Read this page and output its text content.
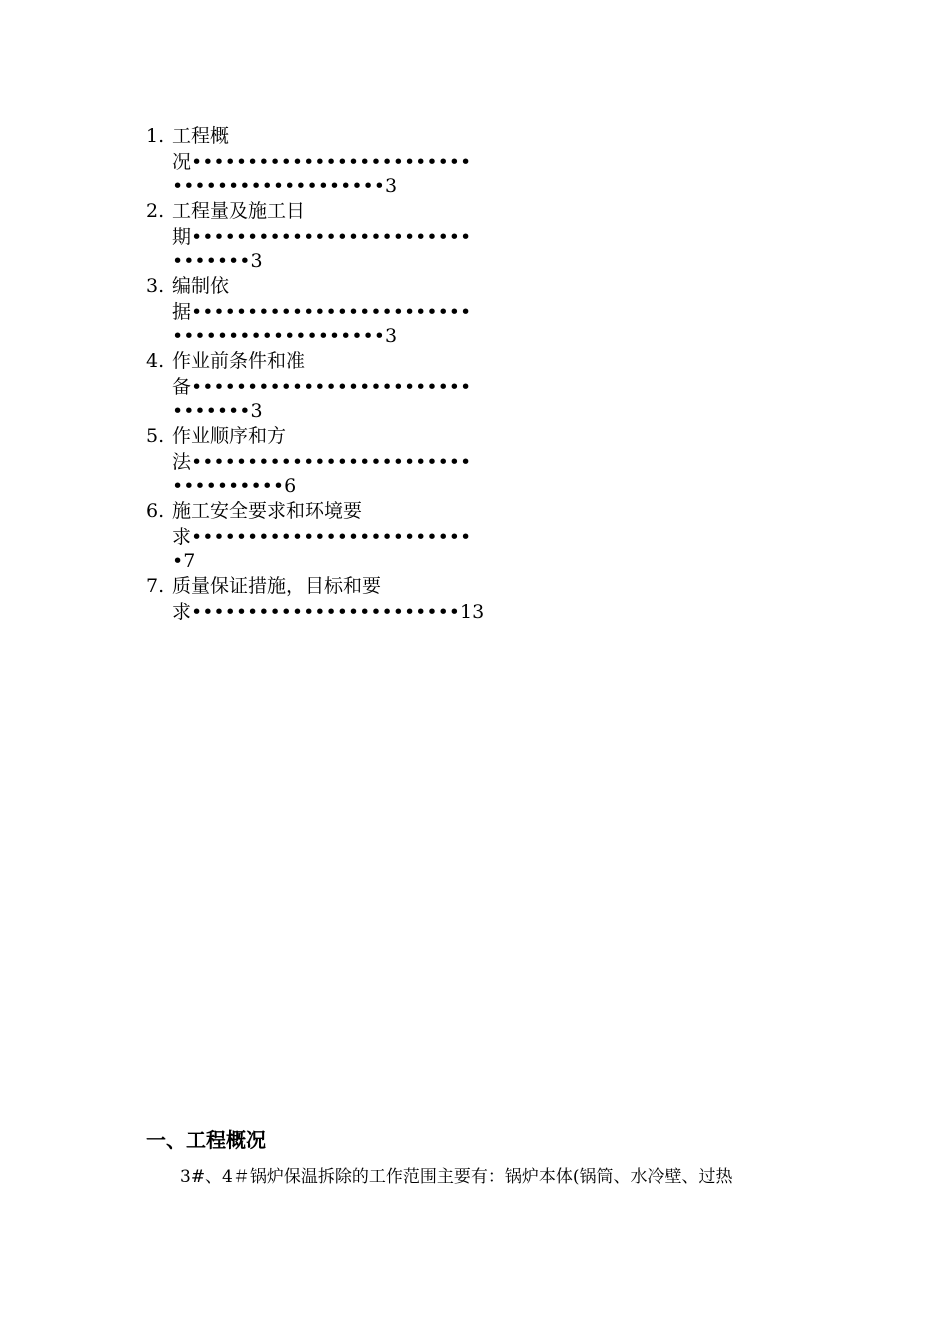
1. 工程概
况•••••••••••••••••••••••••
•••••••••••••••••••3
2. 工程量及施工日
期•••••••••••••••••••••••••
•••••••3
3. 编制依
据•••••••••••••••••••••••••
•••••••••••••••••••3
4. 作业前条件和准
备•••••••••••••••••••••••••
•••••••3
5. 作业顺序和方
法•••••••••••••••••••••••••
••••••••••6
6. 施工安全要求和环境要
求•••••••••••••••••••••••••
•7
7. 质量保证措施，目标和要
求••••••••••••••••••••••••13
一、工程概况
3#、4＃锅炉保温拆除的工作范围主要有：锅炉本体(锅筒、水冷壁、过热
